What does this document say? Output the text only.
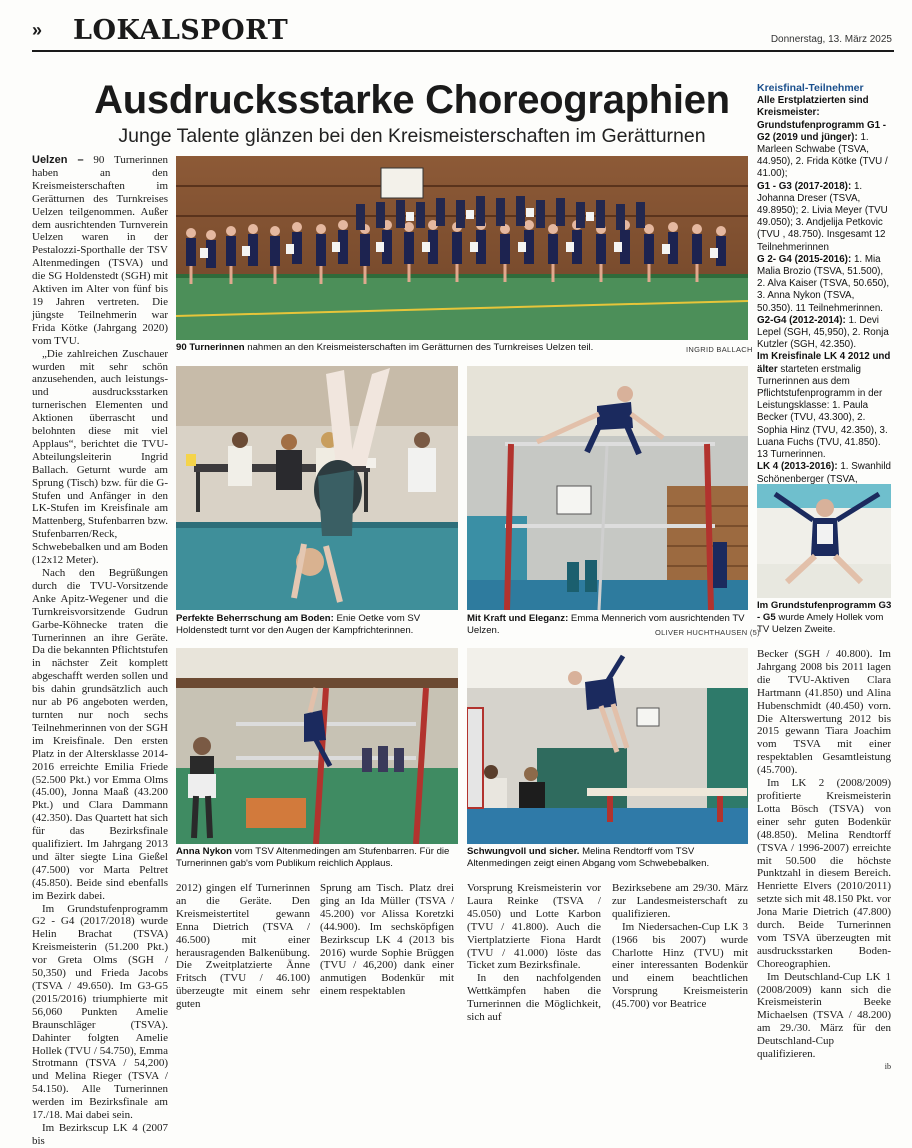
» LOKALSPORT	Donnerstag, 13. März 2025
Ausdrucksstarke Choreographien
Junge Talente glänzen bei den Kreismeisterschaften im Gerätturnen
Kreisfinal-Teilnehmer

Alle Erstplatzierten sind Kreismeister:

Grundstufenprogramm G1 -G2 (2019 und jünger): 1. Marleen Schwabe (TSVA, 44.950), 2. Frida Kötke (TVU / 41.00);

G1 - G3 (2017-2018): 1. Johanna Dreser (TSVA, 49.8950); 2. Livia Meyer (TVU 49.050); 3. Andjelija Petkovic (TVU , 48.750). Insgesamt 12 Teilnehmerinnen

G 2- G4 (2015-2016): 1. Mia Malia Brozio (TSVA, 51.500), 2. Alva Kaiser (TSVA, 50.650), 3. Anna Nykon (TSVA, 50.350). 11 Teilnehmerinnen.

G2-G4 (2012-2014): 1. Devi Lepel (SGH, 45,950), 2. Ronja Kutzler (SGH, 42.350).

Im Kreisfinale LK 4 2012 und älter starteten erstmalig Turnerinnen aus dem Pflichtstufenprogramm in der Leistungsklasse: 1. Paula Becker (TVU, 43.300), 2. Sophia Hinz (TVU, 42.350), 3. Luana Fuchs (TVU, 41.850). 13 Turnerinnen.

LK 4 (2013-2016): 1. Swanhild Schönenberger (TSVA,

Uelzen – 90 Turnerinnen haben an den Kreismeisterschaften im Gerätturnen des Turnkreises Uelzen teilgenommen. Außer dem ausrichtenden Turnverein Uelzen waren in der Pestalozzi-Sporthalle der TSV Altenmedingen (TSVA) und die SG Holdenstedt (SGH) mit Aktiven im Alter von fünf bis 19 Jahren vertreten. Die jüngste Teilnehmerin war Frida Kötke (Jahrgang 2020) vom TVU.

„Die zahlreichen Zuschauer wurden mit sehr schön anzusehenden, auch leistungs- und ausdrucksstarken turnerischen Elementen und Aktionen überrascht und belohnten diese mit viel Applaus“, berichtet die TVU-Abteilungsleiterin Ingrid Ballach. Geturnt wurde am Sprung (Tisch) bzw. für die G-Stufen und Anfänger in den LK-Stufen im Kreisfinale am Mattenberg, Stufenbarren bzw. Stufenbarren/Reck, Schwebebalken und am Boden (12x12 Meter).

Nach den Begrüßungen durch die TVU-Vorsitzende Anke Apitz-Wegener und die Turnkreisvorsitzende Gudrun Garbe-Köhnecke traten die Turnerinnen an ihre Geräte. Da die bekannten Pflichtstufen in nächster Zeit komplett abgeschafft werden sollen und bis dahin grundsätzlich auch nur ab P6 angeboten werden, turnten nur noch sechs Teilnehmerinnen von der SGH im Kreisfinale. Den ersten Platz in der Altersklasse 2014-2016 erreichte Emilia Friede (52.500 Pkt.) vor Emma Olms (45.00), Jonna Maaß (43.200 Pkt.) und Clara Dammann (42.350). Das Quartett hat sich für das Bezirksfinale qualifiziert. Im Jahrgang 2013 und älter siegte Lina Gießel (47.500) vor Marta Peltret (45.850). Beide sind ebenfalls im Bezirk dabei.

Im Grundstufenprogramm G2 - G4 (2017/2018) wurde Helin Brachat (TSVA) Kreismeisterin (51.200 Pkt.) vor Greta Olms (SGH / 50,350) und Frieda Jacobs (TSVA / 49.650). Im G3-G5 (2015/2016) triumphierte mit 56,060 Punkten Amelie Braunschläger (TSVA). Dahinter folgten Amelie Hollek (TVU / 54.750), Emma Strotmann (TSVA / 54,200) und Melina Rieger (TSVA / 54.150). Alle Turnerinnen werden im Bezirksfinale am 17./18. Mai dabei sein.

Im Bezirkscup LK 4 (2007 bis

90 Turnerinnen nahmen an den Kreismeisterschaften im Gerätturnen des Turnkreises Uelzen teil.	INGRID BALLACH
Perfekte Beherrschung am Boden: Enie Oetke vom SV Holdenstedt turnt vor den Augen der Kampfrichterinnen.
Mit Kraft und Eleganz: Emma Mennerich vom ausrichtenden TV Uelzen.	OLIVER HUCHTHAUSEN (5)
Im Grundstufenprogramm G3 - G5 wurde Amely Hollek vom TV Uelzen Zweite.
Anna Nykon vom TSV Altenmedingen am Stufenbarren. Für die Turnerinnen gab's vom Publikum reichlich Applaus.
Schwungvoll und sicher. Melina Rendtorff vom TSV Altenmedingen zeigt einen Abgang vom Schwebebalken.

Becker (SGH / 40.800). Im Jahrgang 2008 bis 2011 lagen die TVU-Aktiven Clara Hartmann (41.850) und Alina Hubenschmidt (40.450) vorn. Die Alterswertung 2012 bis 2015 gewann Tiara Joachim vom TSVA mit einer respektablen Gesamtleistung (45.700).

Im LK 2 (2008/2009) profitierte Kreismeisterin Lotta Bösch (TSVA) von einer sehr guten Bodenkür (48.850). Melina Rendtorff (TSVA / 1996-2007) erreichte mit 50.500 die höchste Punktzahl in diesem Bereich. Henriette Elvers (2010/2011) setzte sich mit 48.150 Pkt. vor Jona Marie Dietrich (47.800) durch. Beide Turnerinnen vom TSVA überzeugten mit ausdrucksstarken Boden-Choreographien.

Im Deutschland-Cup LK 1 (2008/2009) kann sich die Kreismeisterin Beeke Michaelsen (TSVA / 48.200) am 29./30. März für den Deutschland-Cup qualifizieren.

ib

2012) gingen elf Turnerinnen an die Geräte. Den Kreismeistertitel gewann Enna Dietrich (TSVA / 46.500) mit einer herausragenden Balkenübung. Die Zweitplatzierte Änne Fritsch (TVU / 46.100) überzeugte mit einem sehr guten

Sprung am Tisch. Platz drei ging an Ida Müller (TSVA / 45.200) vor Alissa Koretzki (44.900). Im sechsköpfigen Bezirkscup LK 4 (2013 bis 2016) wurde Sophie Brüggen (TVU / 46,200) dank einer anmutigen Bodenkür mit einem respektablen

Vorsprung Kreismeisterin vor Laura Reinke (TSVA / 45.050) und Lotte Karbon (TVU / 41.800). Auch die Viertplatzierte Fiona Hardt (TVU / 41.000) löste das Ticket zum Bezirksfinale.

In den nachfolgenden Wettkämpfen haben die Turnerinnen die Möglichkeit, sich auf

Bezirksebene am 29/30. März zur Landesmeisterschaft zu qualifizieren.

Im Niedersachen-Cup LK 3 (1966 bis 2007) wurde Charlotte Hinz (TVU) mit einer interessanten Bodenkür und einem beachtlichen Vorsprung Kreismeisterin (45.700) vor Beatrice
